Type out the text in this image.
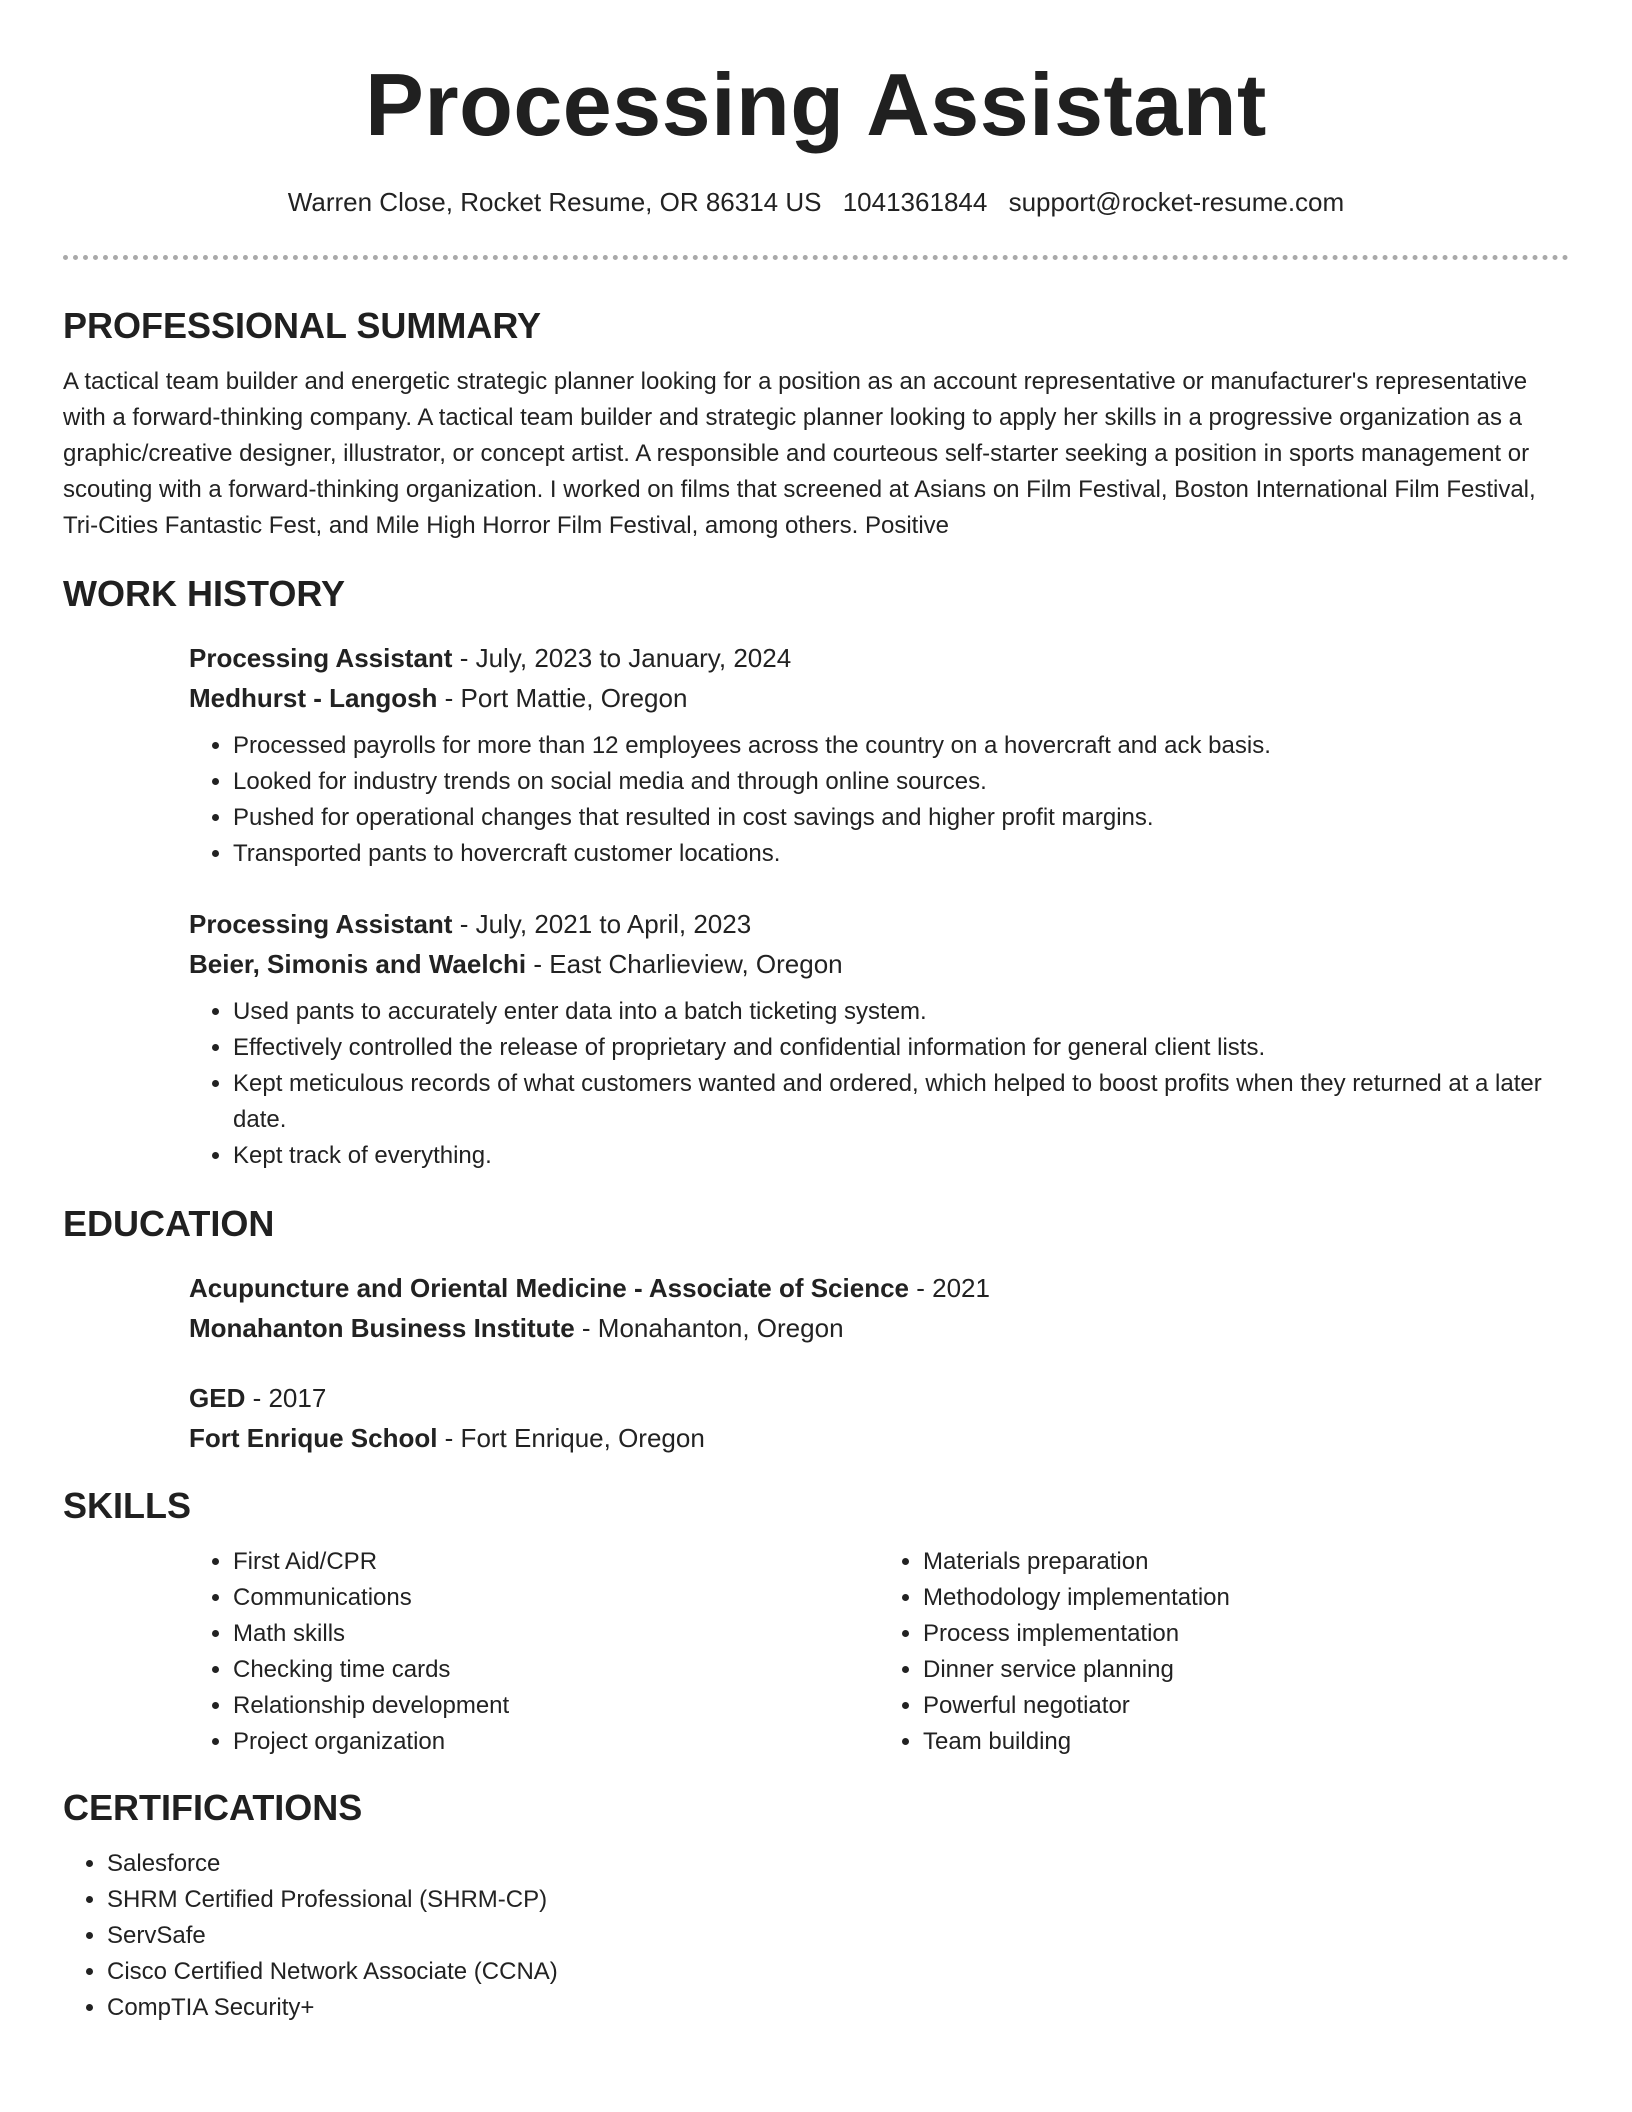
Processing Assistant
Warren Close, Rocket Resume, OR 86314 US 1041361844 support@rocket-resume.com
PROFESSIONAL SUMMARY

A tactical team builder and energetic strategic planner looking for a position as an account representative or manufacturer's representative with a forward-thinking company. A tactical team builder and strategic planner looking to apply her skills in a progressive organization as a graphic/creative designer, illustrator, or concept artist. A responsible and courteous self-starter seeking a position in sports management or scouting with a forward-thinking organization. I worked on films that screened at Asians on Film Festival, Boston International Film Festival, Tri-Cities Fantastic Fest, and Mile High Horror Film Festival, among others. Positive

WORK HISTORY

Processing Assistant - July, 2023 to January, 2024

Medhurst - Langosh - Port Mattie, Oregon

• Processed payrolls for more than 12 employees across the country on a hovercraft and ack basis.
• Looked for industry trends on social media and through online sources.
• Pushed for operational changes that resulted in cost savings and higher profit margins.
• Transported pants to hovercraft customer locations.

Processing Assistant - July, 2021 to April, 2023

Beier, Simonis and Waelchi - East Charlieview, Oregon

• Used pants to accurately enter data into a batch ticketing system.
• Effectively controlled the release of proprietary and confidential information for general client lists.
• Kept meticulous records of what customers wanted and ordered, which helped to boost profits when they returned at a later date.
• Kept track of everything.
EDUCATION

Acupuncture and Oriental Medicine - Associate of Science - 2021

Monahanton Business Institute - Monahanton, Oregon

GED - 2017

Fort Enrique School - Fort Enrique, Oregon

SKILLS
• First Aid/CPR
• Communications
• Math skills
• Checking time cards
• Relationship development
• Project organization
• Materials preparation
• Methodology implementation
• Process implementation
• Dinner service planning
• Powerful negotiator
• Team building
CERTIFICATIONS
• Salesforce
• SHRM Certified Professional (SHRM-CP)
• ServSafe
• Cisco Certified Network Associate (CCNA)
• CompTIA Security+
